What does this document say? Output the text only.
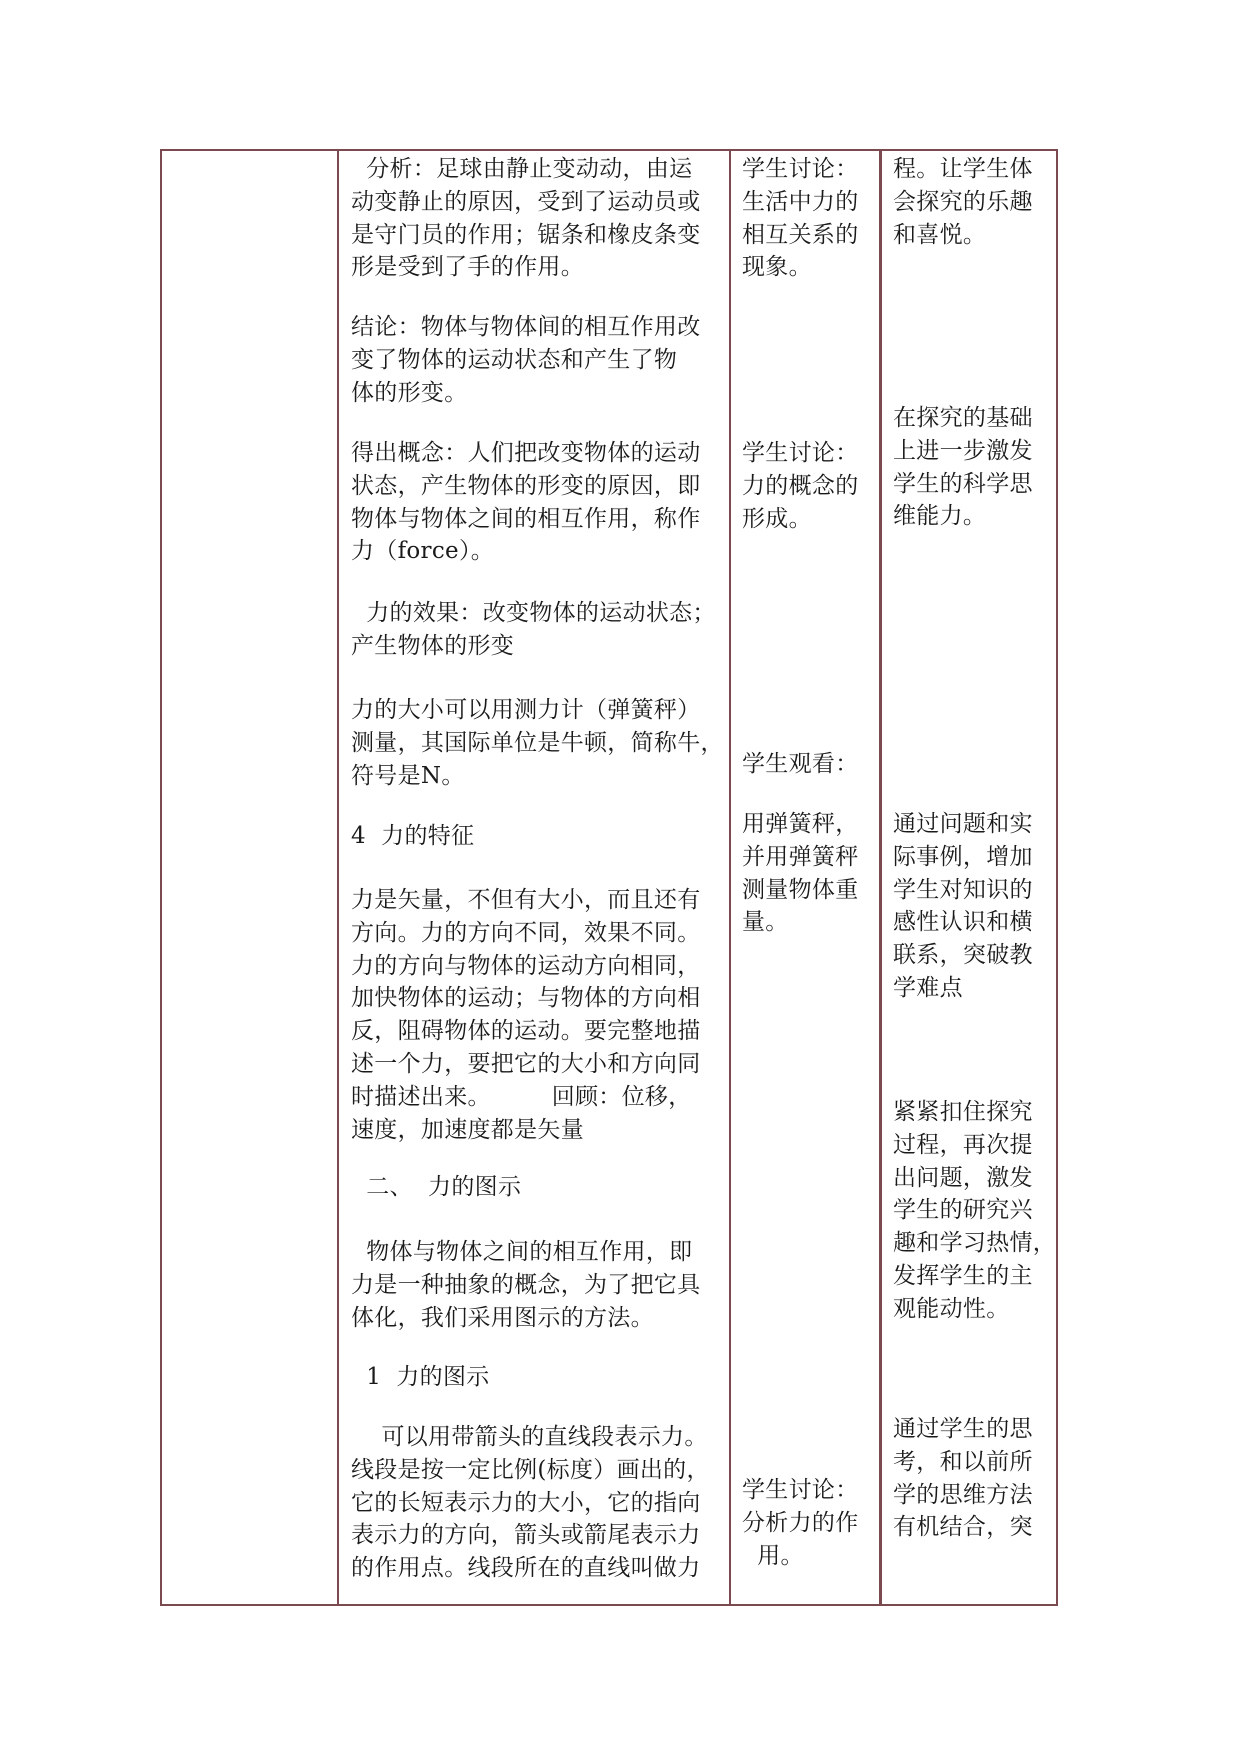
分析：足球由静止变动动，由运
动变静止的原因，受到了运动员或
是守门员的作用；锯条和橡皮条变
形是受到了手的作用。
结论：物体与物体间的相互作用改
变了物体的运动状态和产生了物
体的形变。
得出概念：人们把改变物体的运动
状态，产生物体的形变的原因，即
物体与物体之间的相互作用，称作
力（force）。
力的效果：改变物体的运动状态；
产生物体的形变
力的大小可以用测力计（弹簧秤）
测量，其国际单位是牛顿，简称牛，
符号是N。
4  力的特征
力是矢量，不但有大小，而且还有
方向。力的方向不同，效果不同。
力的方向与物体的运动方向相同，
加快物体的运动；与物体的方向相
反，阻碍物体的运动。要完整地描
述一个力，要把它的大小和方向同
时描述出来。        回顾：位移，
速度，加速度都是矢量
二、  力的图示
物体与物体之间的相互作用，即
力是一种抽象的概念，为了把它具
体化，我们采用图示的方法。
1  力的图示
可以用带箭头的直线段表示力。
线段是按一定比例(标度）画出的，
它的长短表示力的大小，它的指向
表示力的方向，箭头或箭尾表示力
的作用点。线段所在的直线叫做力
学生讨论：
生活中力的
相互关系的
现象。
学生讨论：
力的概念的
形成。
学生观看：
用弹簧秤，
并用弹簧秤
测量物体重
量。
学生讨论：
分析力的作
用。
程。让学生体
会探究的乐趣
和喜悦。
在探究的基础
上进一步激发
学生的科学思
维能力。
通过问题和实
际事例，增加
学生对知识的
感性认识和横
联系，突破教
学难点
紧紧扣住探究
过程，再次提
出问题，激发
学生的研究兴
趣和学习热情，
发挥学生的主
观能动性。
通过学生的思
考，和以前所
学的思维方法
有机结合，突
